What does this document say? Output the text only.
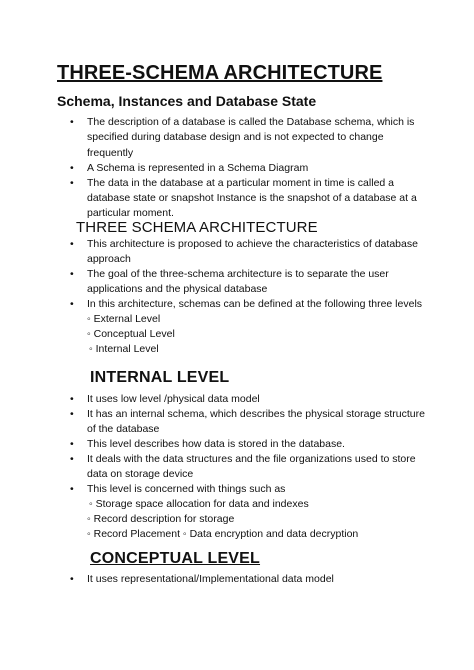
THREE-SCHEMA ARCHITECTURE
Schema, Instances and Database State
• The description of a database is called the Database schema, which is
specified during database design and is not expected to change
frequently
• A Schema is represented in a Schema Diagram
• The data in the database at a particular moment in time is called a
database state or snapshot Instance is the snapshot of a database at a
particular moment.
THREE SCHEMA ARCHITECTURE
• This architecture is proposed to achieve the characteristics of database
approach
• The goal of the three-schema architecture is to separate the user
applications and the physical database
• In this architecture, schemas can be defined at the following three levels
◦ External Level
◦ Conceptual Level
◦ Internal Level
INTERNAL LEVEL
• It uses low level /physical data model
• It has an internal schema, which describes the physical storage structure
of the database
• This level describes how data is stored in the database.
• It deals with the data structures and the file organizations used to store
data on storage device
• This level is concerned with things such as
◦ Storage space allocation for data and indexes
◦ Record description for storage
◦ Record Placement ◦ Data encryption and data decryption
CONCEPTUAL LEVEL
• It uses representational/Implementational data model
